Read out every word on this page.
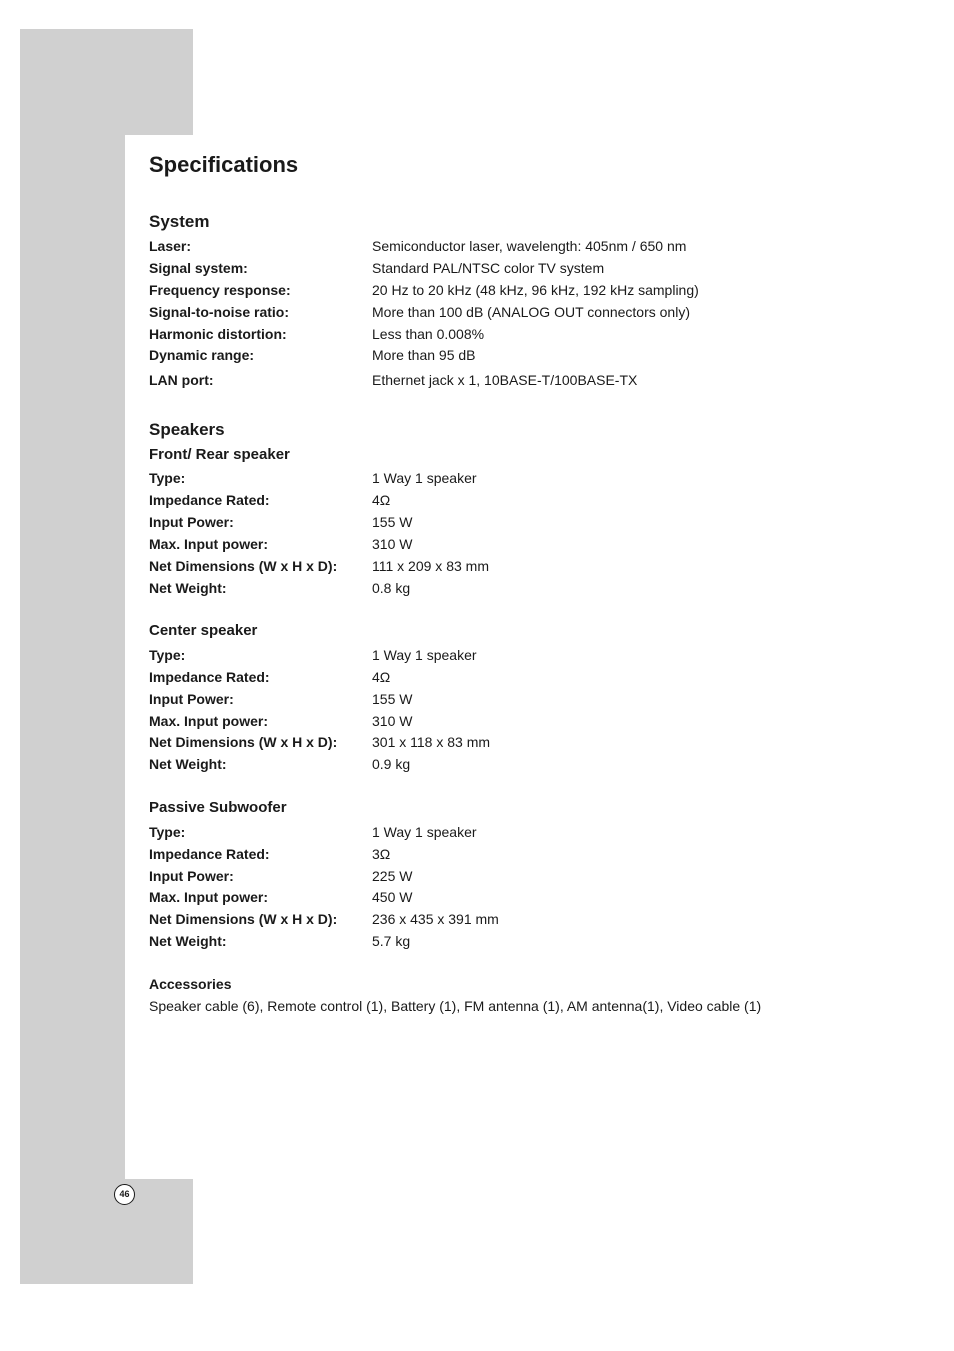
Specifications
System
Laser:	Semiconductor laser, wavelength: 405nm / 650 nm
Signal system:	Standard PAL/NTSC color TV system
Frequency response:	20 Hz to 20 kHz (48 kHz, 96 kHz, 192 kHz sampling)
Signal-to-noise ratio:	More than 100 dB (ANALOG OUT connectors only)
Harmonic distortion:	Less than 0.008%
Dynamic range:	More than 95 dB
LAN port:	Ethernet jack x 1, 10BASE-T/100BASE-TX
Speakers
Front/ Rear speaker
Type:	1 Way 1 speaker
Impedance Rated:	4Ω
Input Power:	155 W
Max. Input power:	310 W
Net Dimensions (W x H x D): 111 x 209 x 83 mm
Net Weight:	0.8 kg
Center speaker
Type:	1 Way 1 speaker
Impedance Rated:	4Ω
Input Power:	155 W
Max. Input power:	310 W
Net Dimensions (W x H x D): 301 x 118 x 83 mm
Net Weight:	0.9 kg
Passive Subwoofer
Type:	1 Way 1 speaker
Impedance Rated:	3Ω
Input Power:	225 W
Max. Input power:	450 W
Net Dimensions (W x H x D): 236 x 435 x 391 mm
Net Weight:	5.7 kg

Accessories

Speaker cable (6), Remote control (1), Battery (1), FM antenna (1), AM antenna(1), Video cable (1)

46
